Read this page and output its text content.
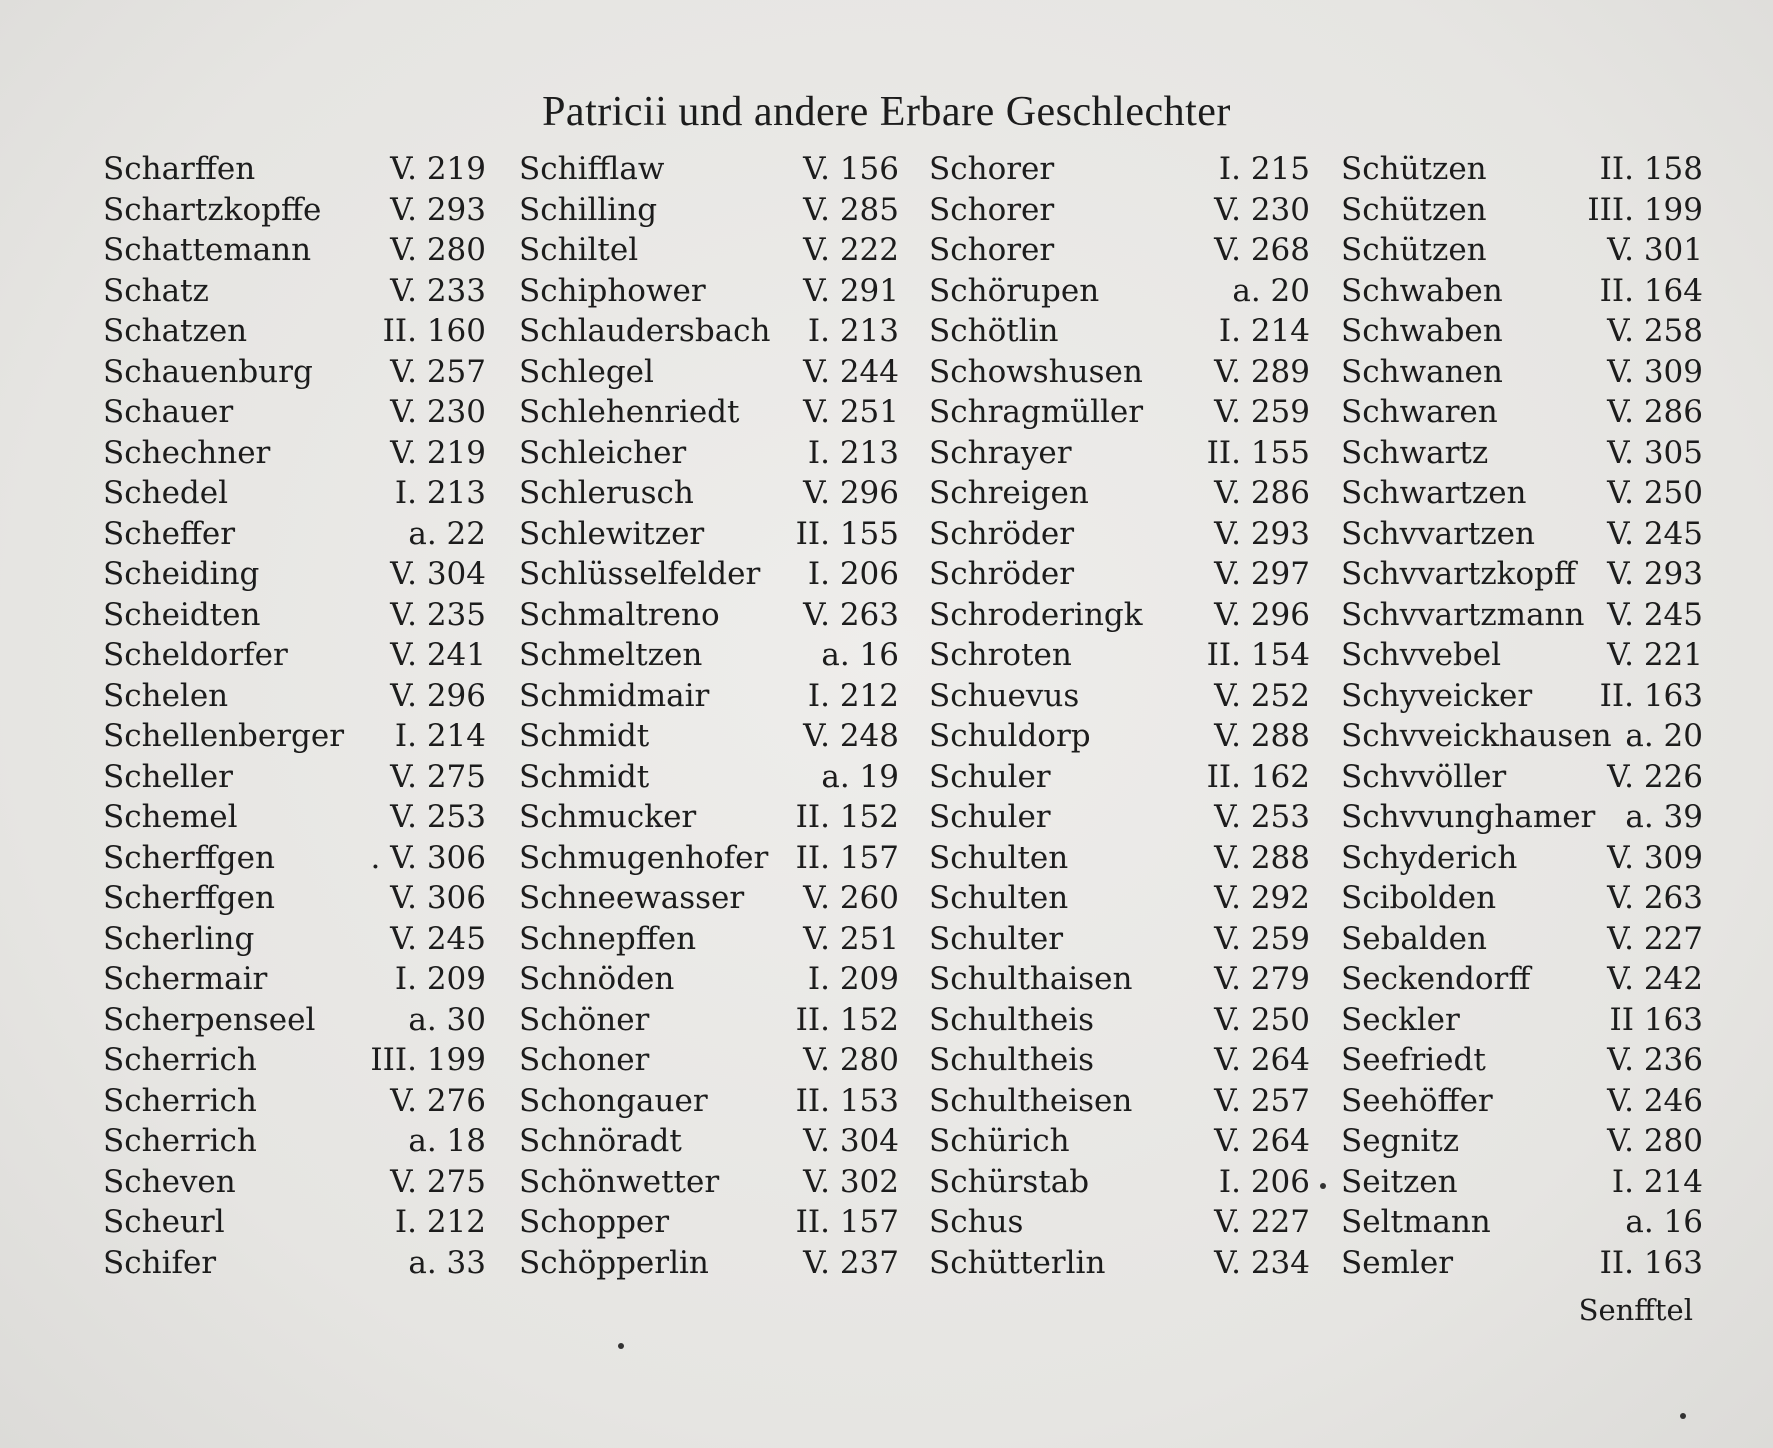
Patricii und andere Erbare Geschlechter
Scharffen	V. 219
Schartzkopffe V. 293
Schattemann	V. 280
Schatz	V. 233
Schatzen	II. 160
Schauenburg V. 257
Schauer	V. 230
Schechner	V. 219
Schedel	I. 213
Scheffer	a. 22
Scheiding	V. 304
Scheidten	V. 235
Scheldorfer	V. 241
Schelen	V. 296
Schellenberger I. 214
Scheller	V. 275
Schemel	V. 253
Scherffgen	. V. 306
Scherffgen	V. 306
Scherling	V. 245
Schermair	I. 209
Scherpenseel	a. 30
Scherrich	III. 199
Scherrich	V. 276
Scherrich	a. 18
Scheven	V. 275
Scheurl	I. 212
Schifer	a. 33
Schifflaw	V. 156
Schilling	V. 285
Schiltel	V. 222
Schiphower	V. 291
Schlaudersbach I. 213
Schlegel	V. 244
Schlehenriedt V. 251
Schleicher	I. 213
Schlerusch	V. 296
Schlewitzer	II. 155
Schlüsselfelder I. 206
Schmaltreno	V. 263
Schmeltzen	a. 16
Schmidmair	I. 212
Schmidt	V. 248
Schmidt	a. 19
Schmucker	II. 152
Schmugenhofer II. 157
Schneewasser V. 260
Schnepffen	V. 251
Schnöden	I. 209
Schöner	II. 152
Schoner	V. 280
Schongauer	II. 153
Schnöradt	V. 304
Schönwetter	V. 302
Schopper	II. 157
Schöpperlin	V. 237
Schorer	I. 215
Schorer	V. 230
Schorer	V. 268
Schörupen	a. 20
Schötlin	I. 214
Schowshusen V. 289
Schragmüller V. 259
Schrayer	II. 155
Schreigen	V. 286
Schröder	V. 293
Schröder	V. 297
Schroderingk V. 296
Schroten	II. 154
Schuevus	V. 252
Schuldorp	V. 288
Schuler	II. 162
Schuler	V. 253
Schulten	V. 288
Schulten	V. 292
Schulter	V. 259
Schulthaisen	V. 279
Schultheis	V. 250
Schultheis	V. 264
Schultheisen	V. 257
Schürich	V. 264
Schürstab	I. 206
Schus	V. 227
Schütterlin	V. 234
Schützen	II. 158
Schützen	III. 199
Schützen	V. 301
Schwaben	II. 164
Schwaben	V. 258
Schwanen	V. 309
Schwaren	V. 286
Schwartz	V. 305
Schwartzen	V. 250
Schvvartzen V. 245
Schvvartzkopff V. 293
Schvvartzmann V. 245
Schvvebel	V. 221
Schyveicker II. 163
Schvveickhausen a. 20
Schvvöller	V. 226
Schvvunghamer a. 39
Schyderich	V. 309
Scibolden	V. 263
Sebalden	V. 227
Seckendorff V. 242
Seckler	II 163
Seefriedt	V. 236
Seehöffer	V. 246
Segnitz	V. 280
Seitzen	I. 214
Seltmann	a. 16
Semler	II. 163
Senfftel
